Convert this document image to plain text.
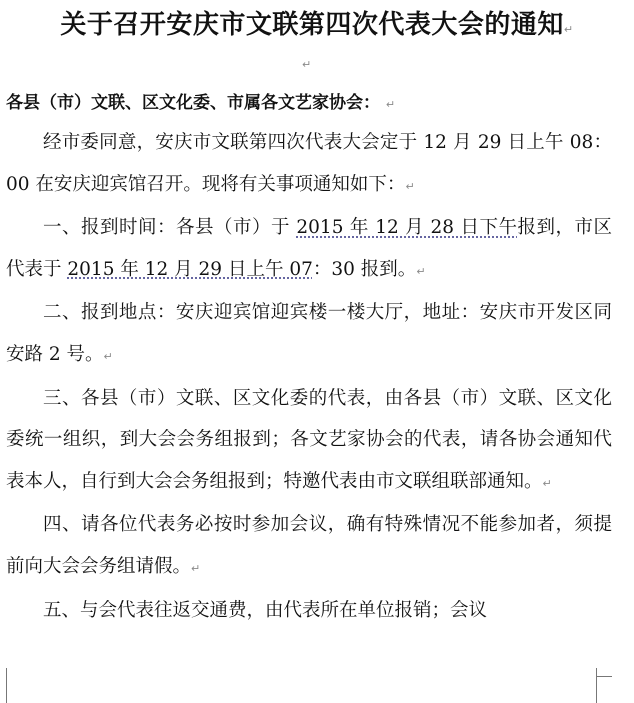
关于召开安庆市文联第四次代表大会的通知↵
↵
各县（市）文联、区文化委、市属各文艺家协会： ↵

经市委同意，安庆市文联第四次代表大会定于 12 月 29 日上午 08：00 在安庆迎宾馆召开。现将有关事项通知如下：↵

一、报到时间：各县（市）于 2015 年 12 月 28 日下午报到，市区代表于 2015 年 12 月 29 日上午 07：30 报到。↵

二、报到地点：安庆迎宾馆迎宾楼一楼大厅，地址：安庆市开发区同安路 2 号。↵

三、各县（市）文联、区文化委的代表，由各县（市）文联、区文化委统一组织，到大会会务组报到；各文艺家协会的代表，请各协会通知代表本人，自行到大会会务组报到；特邀代表由市文联组联部通知。↵

四、请各位代表务必按时参加会议，确有特殊情况不能参加者，须提前向大会会务组请假。↵

五、与会代表往返交通费，由代表所在单位报销；会议
